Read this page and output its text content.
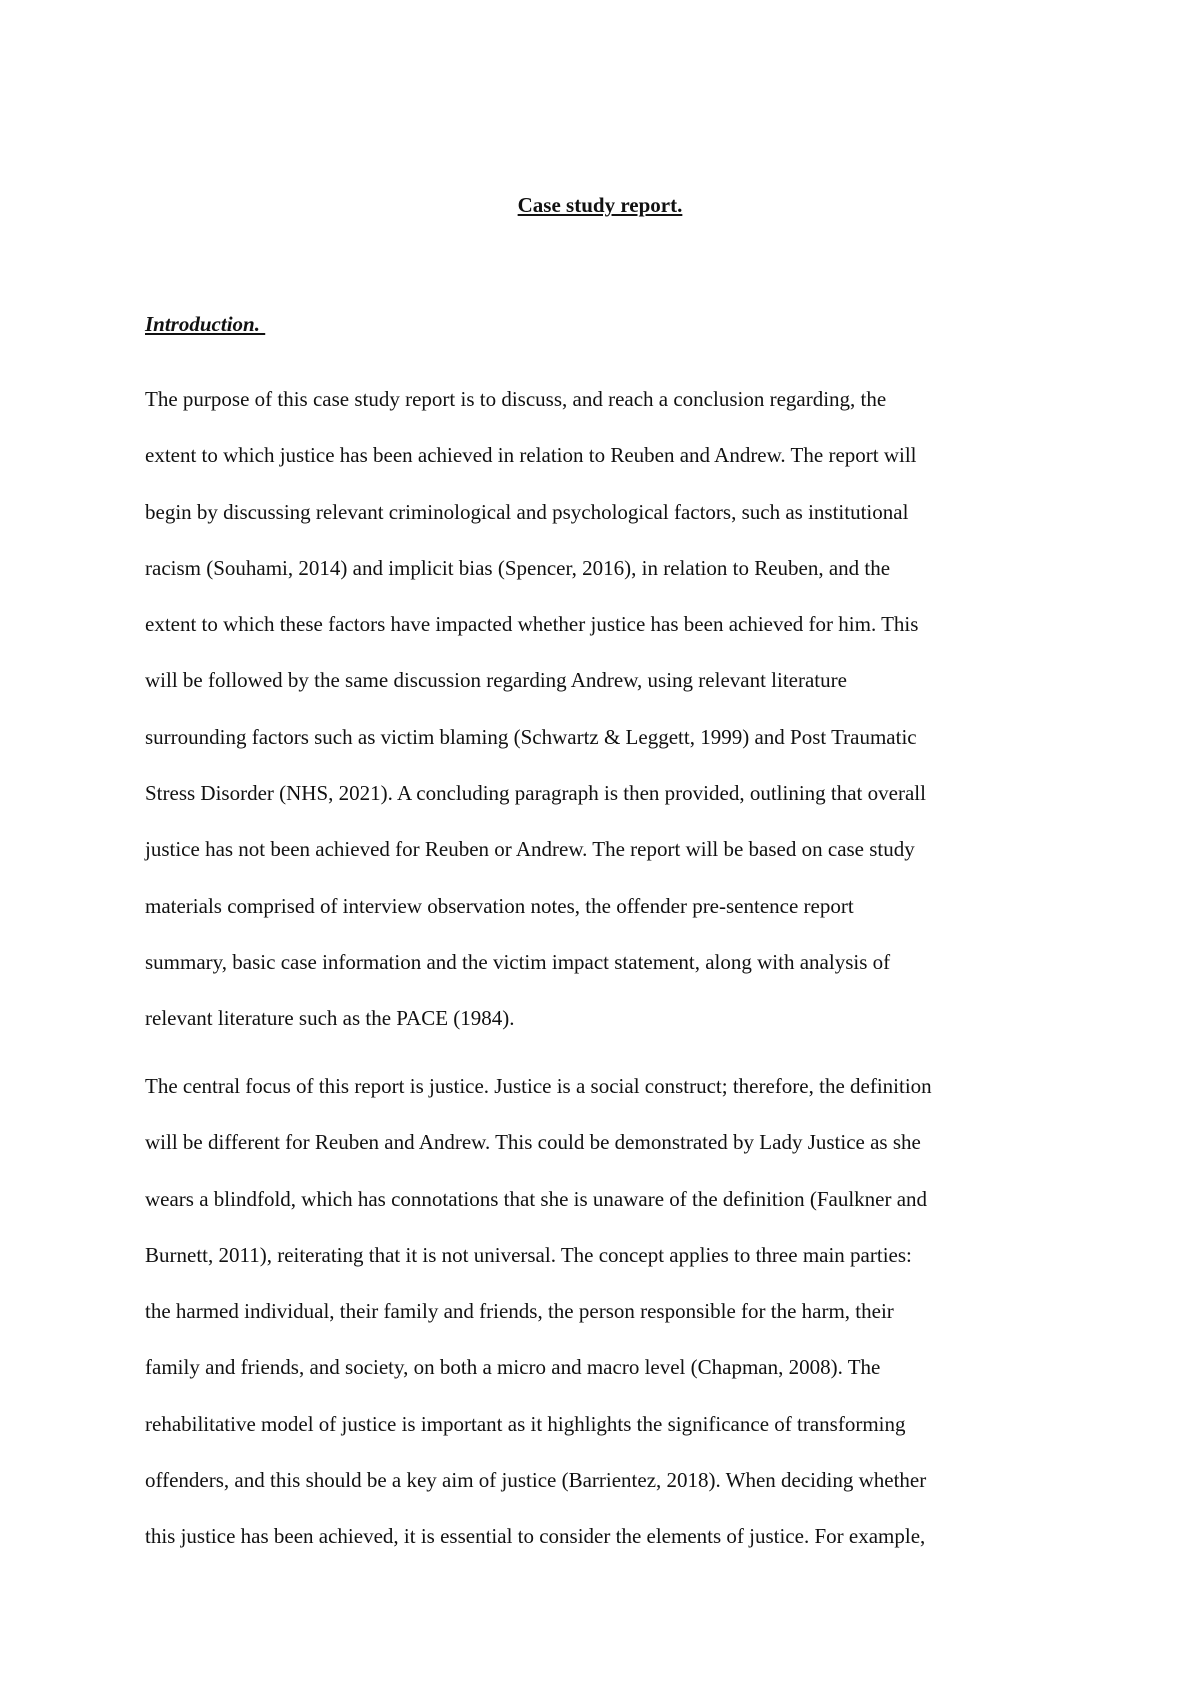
Case study report.
Introduction.

The purpose of this case study report is to discuss, and reach a conclusion regarding, the
extent to which justice has been achieved in relation to Reuben and Andrew. The report will
begin by discussing relevant criminological and psychological factors, such as institutional
racism (Souhami, 2014) and implicit bias (Spencer, 2016), in relation to Reuben, and the
extent to which these factors have impacted whether justice has been achieved for him. This
will be followed by the same discussion regarding Andrew, using relevant literature
surrounding factors such as victim blaming (Schwartz & Leggett, 1999) and Post Traumatic
Stress Disorder (NHS, 2021). A concluding paragraph is then provided, outlining that overall
justice has not been achieved for Reuben or Andrew. The report will be based on case study
materials comprised of interview observation notes, the offender pre-sentence report
summary, basic case information and the victim impact statement, along with analysis of
relevant literature such as the PACE (1984).

The central focus of this report is justice. Justice is a social construct; therefore, the definition
will be different for Reuben and Andrew. This could be demonstrated by Lady Justice as she
wears a blindfold, which has connotations that she is unaware of the definition (Faulkner and
Burnett, 2011), reiterating that it is not universal. The concept applies to three main parties:
the harmed individual, their family and friends, the person responsible for the harm, their
family and friends, and society, on both a micro and macro level (Chapman, 2008). The
rehabilitative model of justice is important as it highlights the significance of transforming
offenders, and this should be a key aim of justice (Barrientez, 2018). When deciding whether
this justice has been achieved, it is essential to consider the elements of justice. For example,
